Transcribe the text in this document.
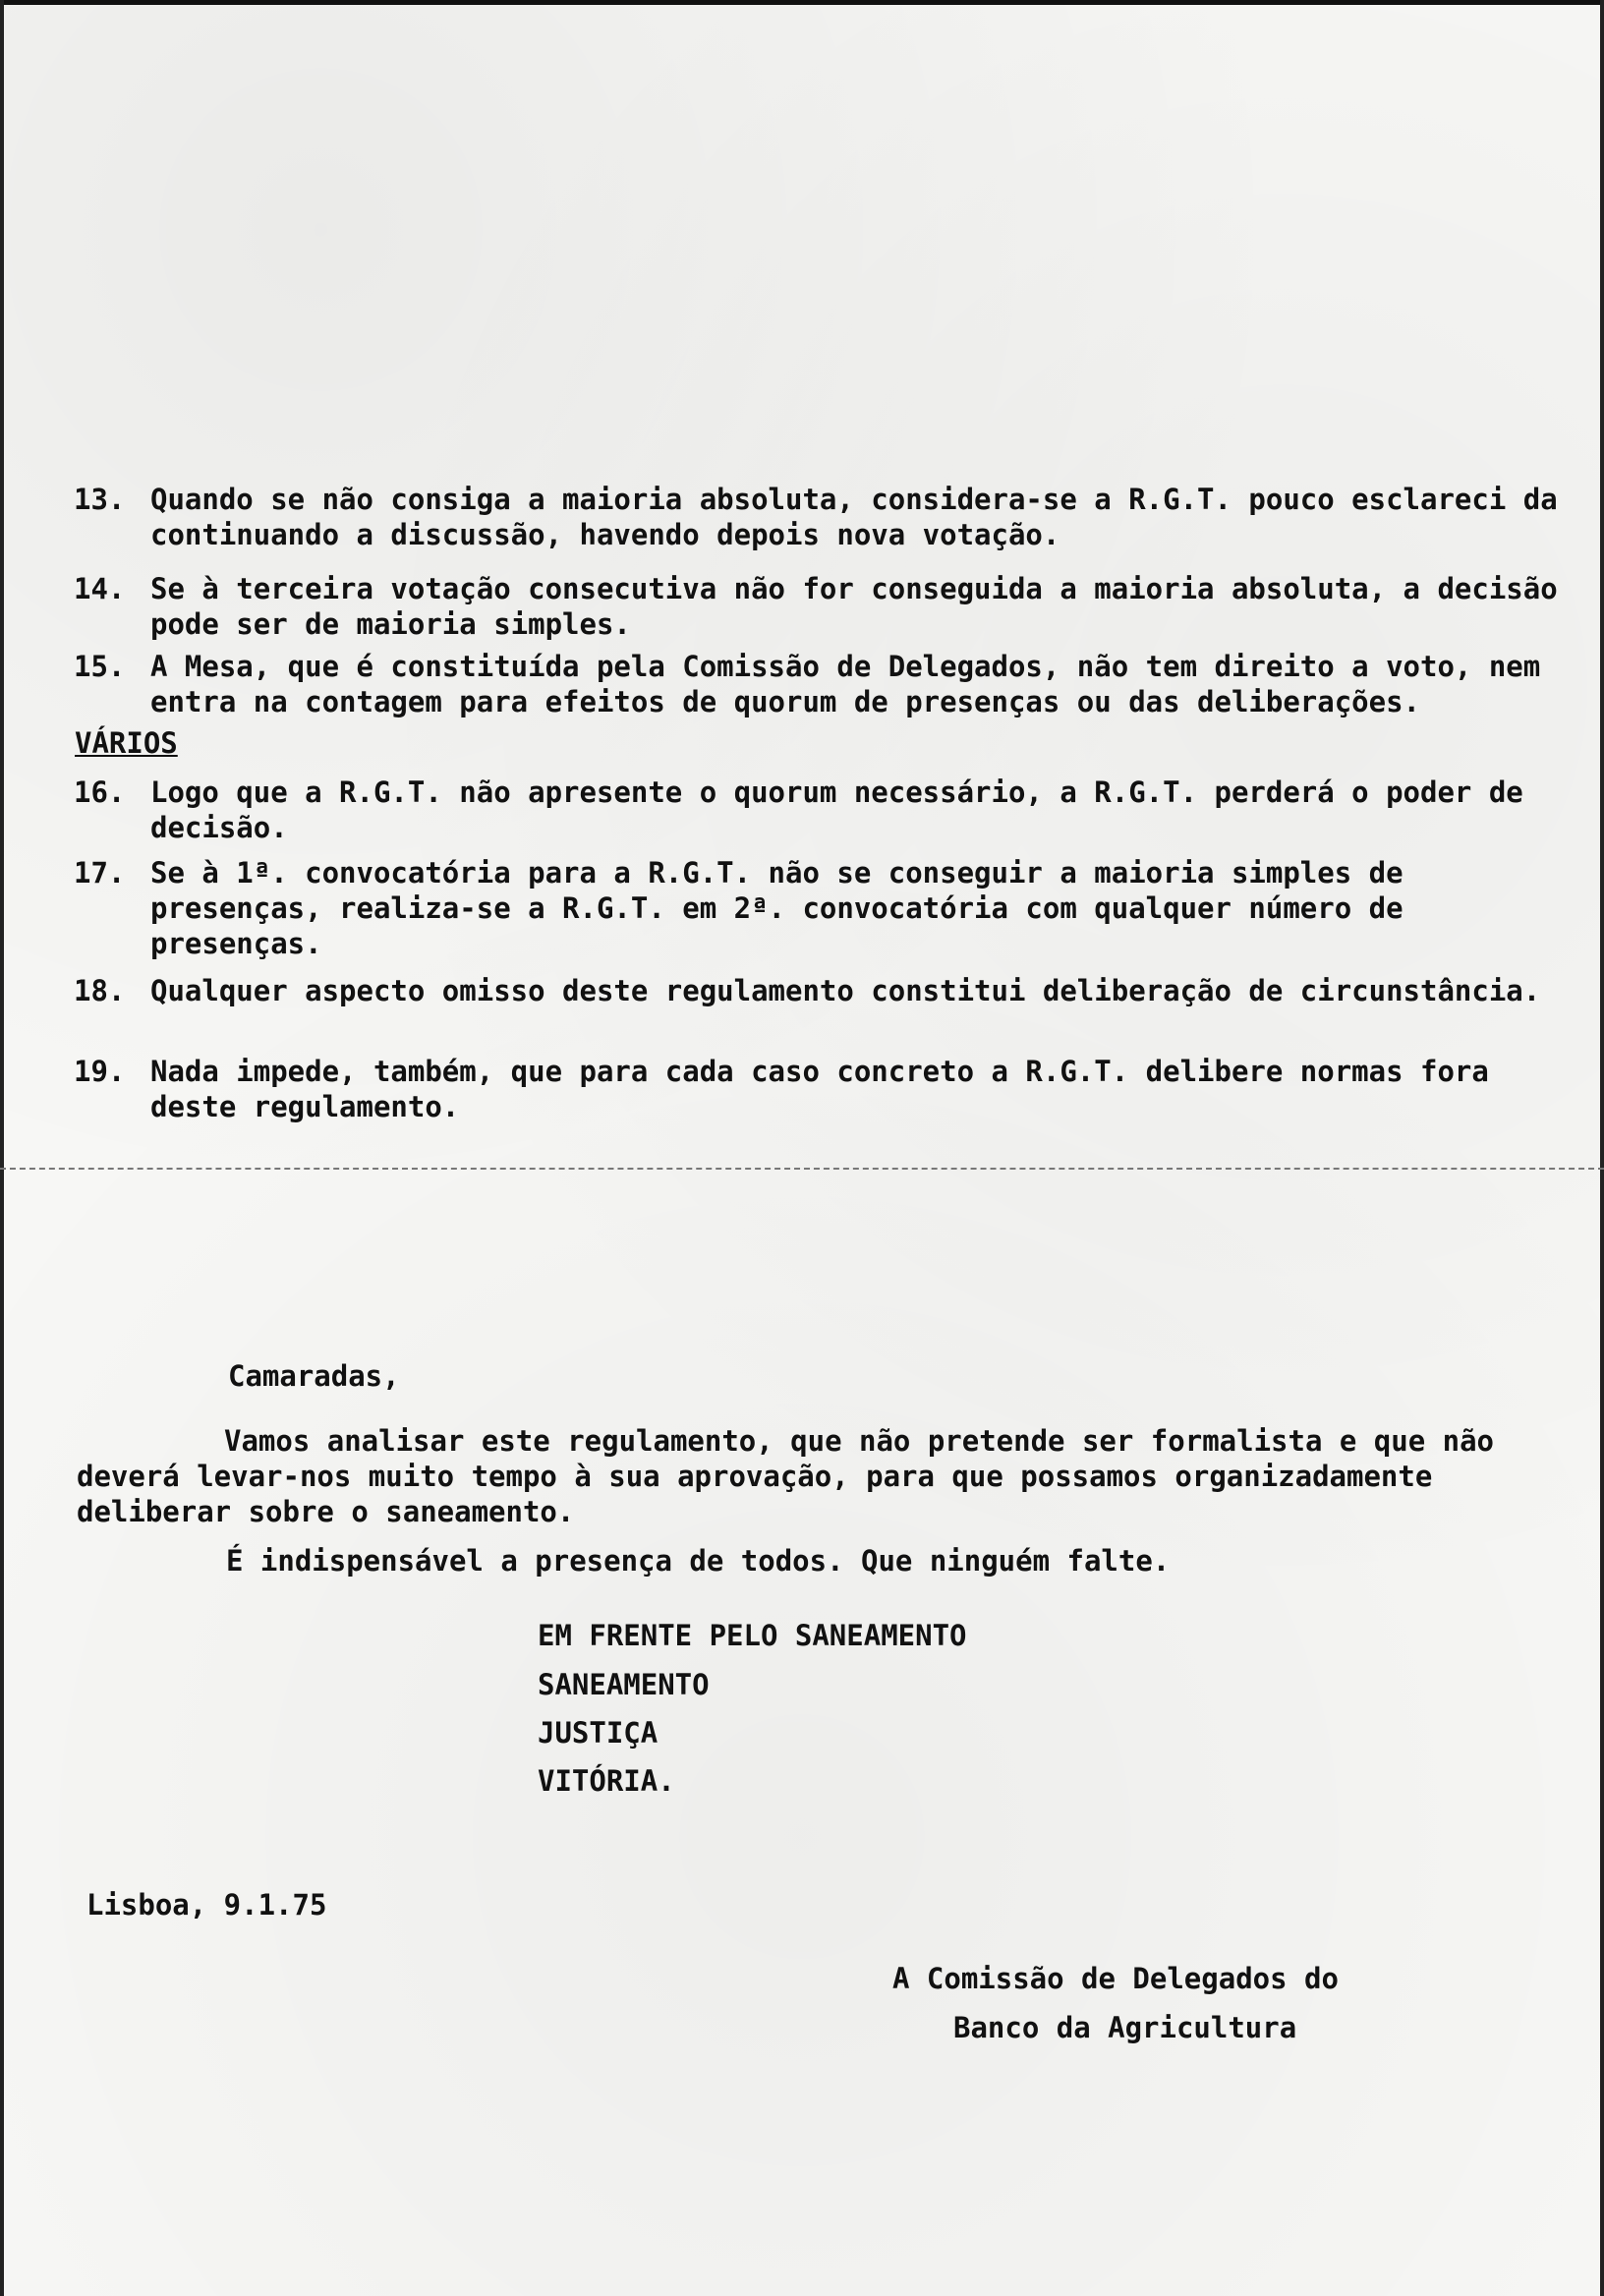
13. Quando se não consiga a maioria absoluta, considera-se a R.G.T. pouco esclareci da continuando a discussão, havendo depois nova votação.
14. Se à terceira votação consecutiva não for conseguida a maioria absoluta, a decisão pode ser de maioria simples.
15. A Mesa, que é constituída pela Comissão de Delegados, não tem direito a voto, nem entra na contagem para efeitos de quorum de presenças ou das deliberações.
VÁRIOS
16. Logo que a R.G.T. não apresente o quorum necessário, a R.G.T. perderá o poder de decisão.
17. Se à 1ª. convocatória para a R.G.T. não se conseguir a maioria simples de presenças, realiza-se a R.G.T. em 2ª. convocatória com qualquer número de presenças.
18. Qualquer aspecto omisso deste regulamento constitui deliberação de circunstância.
19. Nada impede, também, que para cada caso concreto a R.G.T. delibere normas fora deste regulamento.
Camaradas,
Vamos analisar este regulamento, que não pretende ser formalista e que não deverá levar-nos muito tempo à sua aprovação, para que possamos organizadamente deliberar sobre o saneamento.
É indispensável a presença de todos. Que ninguém falte.
EM FRENTE PELO SANEAMENTO
SANEAMENTO
JUSTIÇA
VITÓRIA.
Lisboa, 9.1.75
A Comissão de Delegados do
Banco da Agricultura
